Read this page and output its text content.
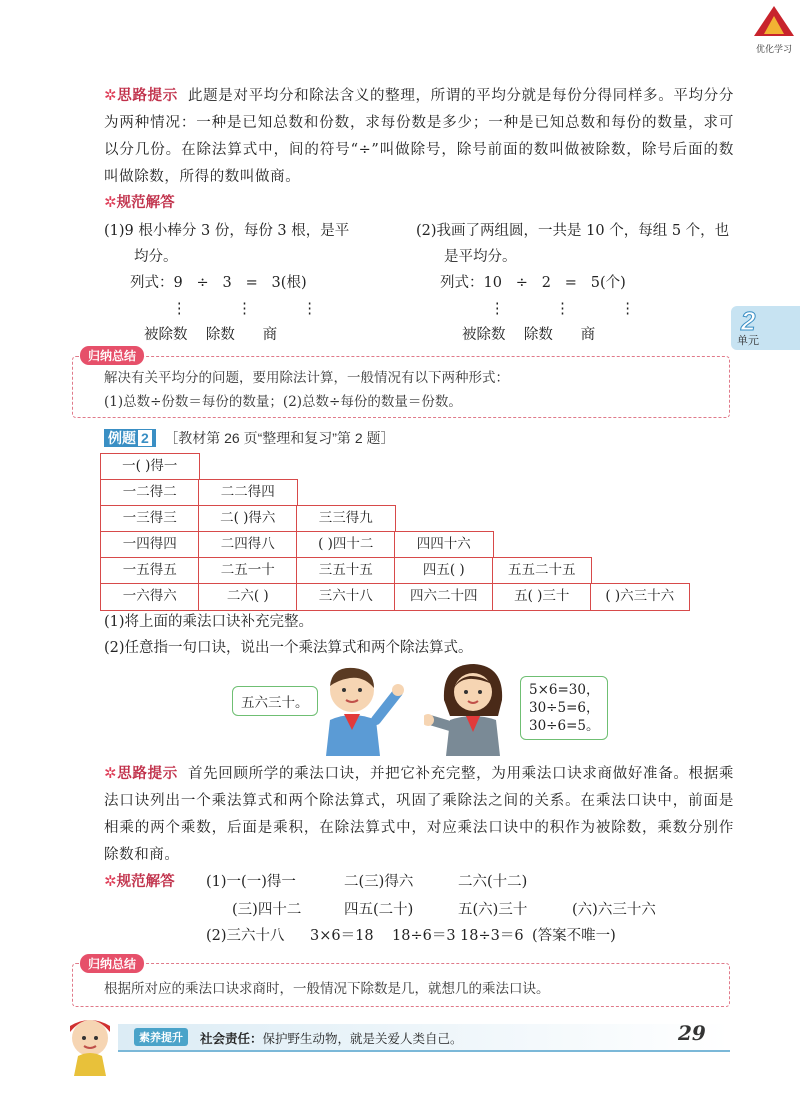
优化学习
2
单元
✲思路提示 此题是对平均分和除法含义的整理，所谓的平均分就是每份分得同样多。平均分分为两种情况：一种是已知总数和份数，求每份数是多少；一种是已知总数和每份的数量，求可以分几份。在除法算式中，间的符号“÷”叫做除号，除号前面的数叫做被除数，除号后面的数叫做除数，所得的数叫做商。
✲规范解答
(1)9 根小棒分 3 份，每份 3 根，是平
均分。
列式：9   ÷   3   =   3(根)
⋮           ⋮           ⋮
被除数    除数      商
(2)我画了两组圆，一共是 10 个，每组 5 个，也
是平均分。
列式：10   ÷   2   =   5(个)
⋮           ⋮           ⋮
被除数    除数      商
归纳总结
解决有关平均分的问题，要用除法计算，一般情况有以下两种形式：
(1)总数÷份数＝每份的数量；(2)总数÷每份的数量＝份数。
例题 2 ［教材第 26 页“整理和复习”第 2 题］
一( )得一
一二得二	二二得四
一三得三	二( )得六	三三得九
一四得四	二四得八	( )四十二	四四十六
一五得五	二五一十	三五十五	四五( )	五五二十五
一六得六	二六( )	三六十八	四六二十四	五( )三十	( )六三十六
(1)将上面的乘法口诀补充完整。
(2)任意指一句口诀，说出一个乘法算式和两个除法算式。
五六三十。
5×6=30，
30÷5=6，
30÷6=5。
✲思路提示 首先回顾所学的乘法口诀，并把它补充完整，为用乘法口诀求商做好准备。根据乘法口诀列出一个乘法算式和两个除法算式，巩固了乘除法之间的关系。在乘法口诀中，前面是相乘的两个乘数，后面是乘积，在除法算式中，对应乘法口诀中的积作为被除数，乘数分别作除数和商。
✲规范解答 (1)一(一)得一	二(三)得六	二六(十二)
(三)四十二	四五(二十)	五(六)三十	(六)六三十六
(2)三六十八 3×6＝18 18÷6＝3 18÷3＝6 (答案不唯一)
归纳总结
根据所对应的乘法口诀求商时，一般情况下除数是几，就想几的乘法口诀。
素养提升	社会责任：保护野生动物，就是关爱人类自己。	29
